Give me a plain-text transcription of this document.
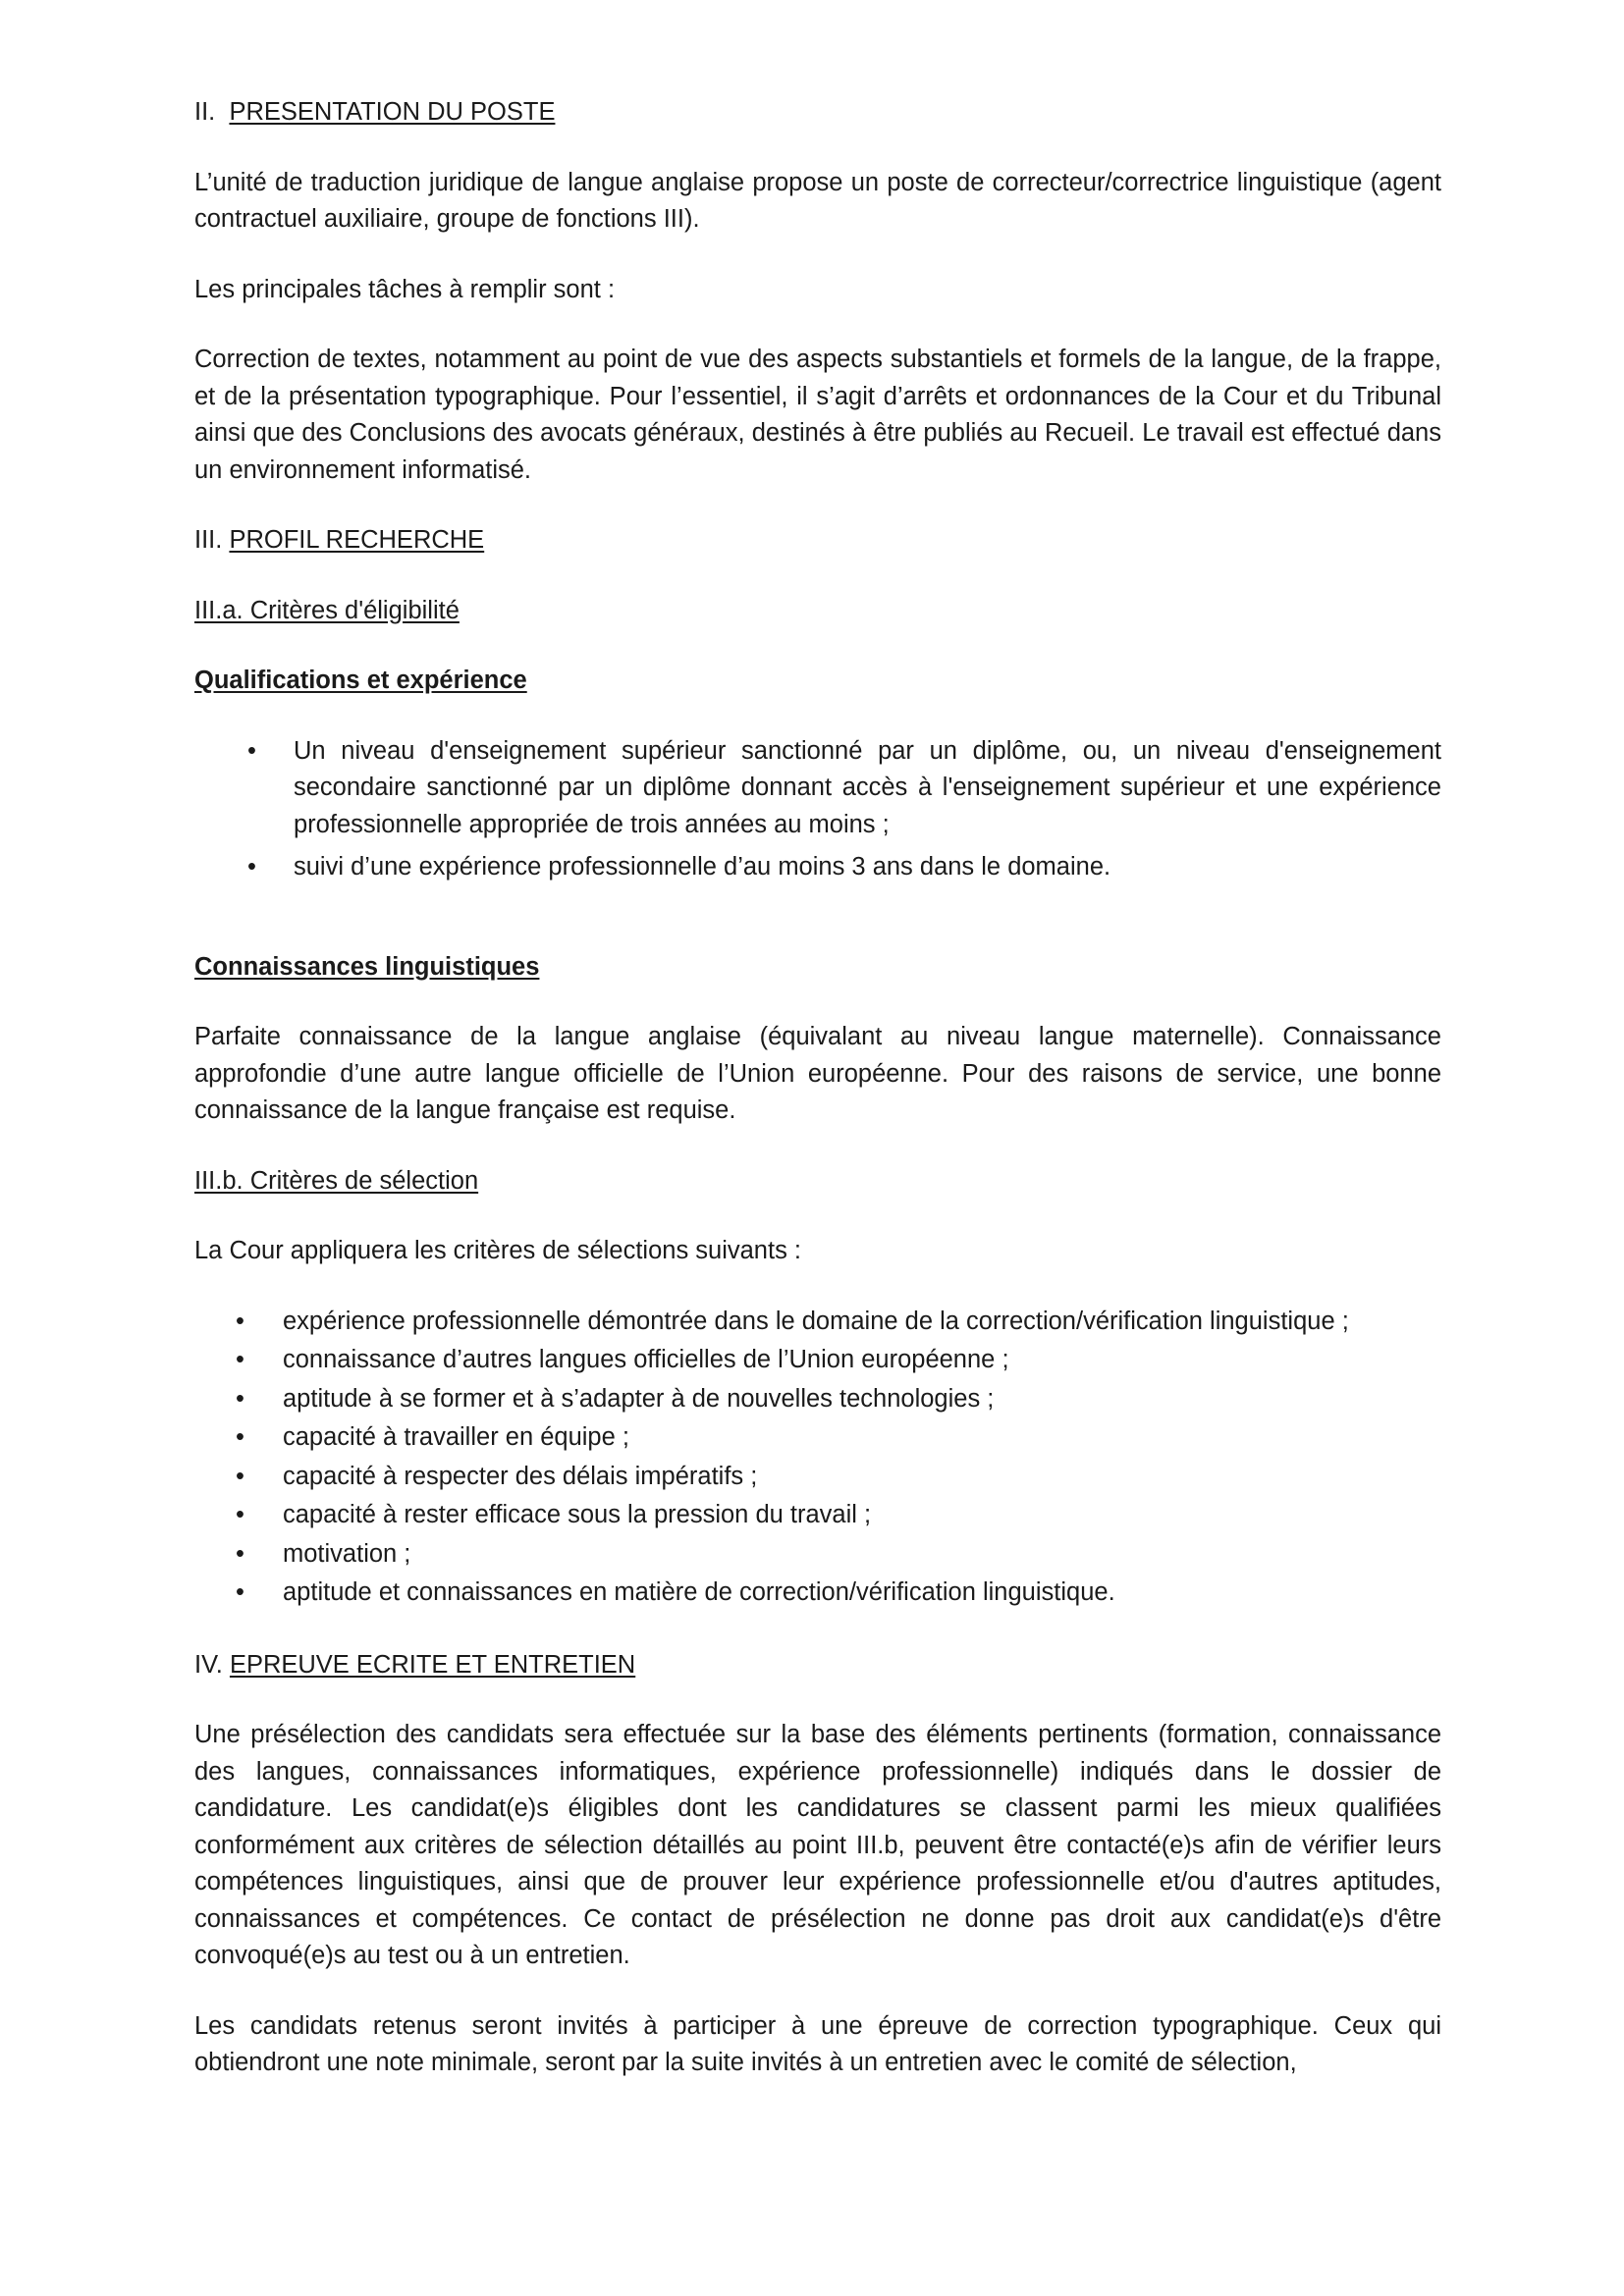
II. PRESENTATION DU POSTE

L’unité de traduction juridique de langue anglaise propose un poste de correcteur/correctrice linguistique (agent contractuel auxiliaire, groupe de fonctions III).

Les principales tâches à remplir sont :

Correction de textes, notamment au point de vue des aspects substantiels et formels de la langue, de la frappe, et de la présentation typographique. Pour l’essentiel, il s’agit d’arrêts et ordonnances de la Cour et du Tribunal ainsi que des Conclusions des avocats généraux, destinés à être publiés au Recueil. Le travail est effectué dans un environnement informatisé.

III. PROFIL RECHERCHE
III.a. Critères d'éligibilité
Qualifications et expérience
• Un niveau d'enseignement supérieur sanctionné par un diplôme, ou, un niveau d'enseignement secondaire sanctionné par un diplôme donnant accès à l'enseignement supérieur et une expérience professionnelle appropriée de trois années au moins ;
• suivi d’une expérience professionnelle d’au moins 3 ans dans le domaine.
Connaissances linguistiques

Parfaite connaissance de la langue anglaise (équivalant au niveau langue maternelle). Connaissance approfondie d’une autre langue officielle de l’Union européenne. Pour des raisons de service, une bonne connaissance de la langue française est requise.

III.b. Critères de sélection

La Cour appliquera les critères de sélections suivants :

• expérience professionnelle démontrée dans le domaine de la correction/vérification linguistique ;
• connaissance d’autres langues officielles de l’Union européenne ;
• aptitude à se former et à s’adapter à de nouvelles technologies ;
• capacité à travailler en équipe ;
• capacité à respecter des délais impératifs ;
• capacité à rester efficace sous la pression du travail ;
• motivation ;
• aptitude et connaissances en matière de correction/vérification linguistique.
IV. EPREUVE ECRITE ET ENTRETIEN

Une présélection des candidats sera effectuée sur la base des éléments pertinents (formation, connaissance des langues, connaissances informatiques, expérience professionnelle) indiqués dans le dossier de candidature. Les candidat(e)s éligibles dont les candidatures se classent parmi les mieux qualifiées conformément aux critères de sélection détaillés au point III.b, peuvent être contacté(e)s afin de vérifier leurs compétences linguistiques, ainsi que de prouver leur expérience professionnelle et/ou d'autres aptitudes, connaissances et compétences. Ce contact de présélection ne donne pas droit aux candidat(e)s d'être convoqué(e)s au test ou à un entretien.

Les candidats retenus seront invités à participer à une épreuve de correction typographique. Ceux qui obtiendront une note minimale, seront par la suite invités à un entretien avec le comité de sélection,
